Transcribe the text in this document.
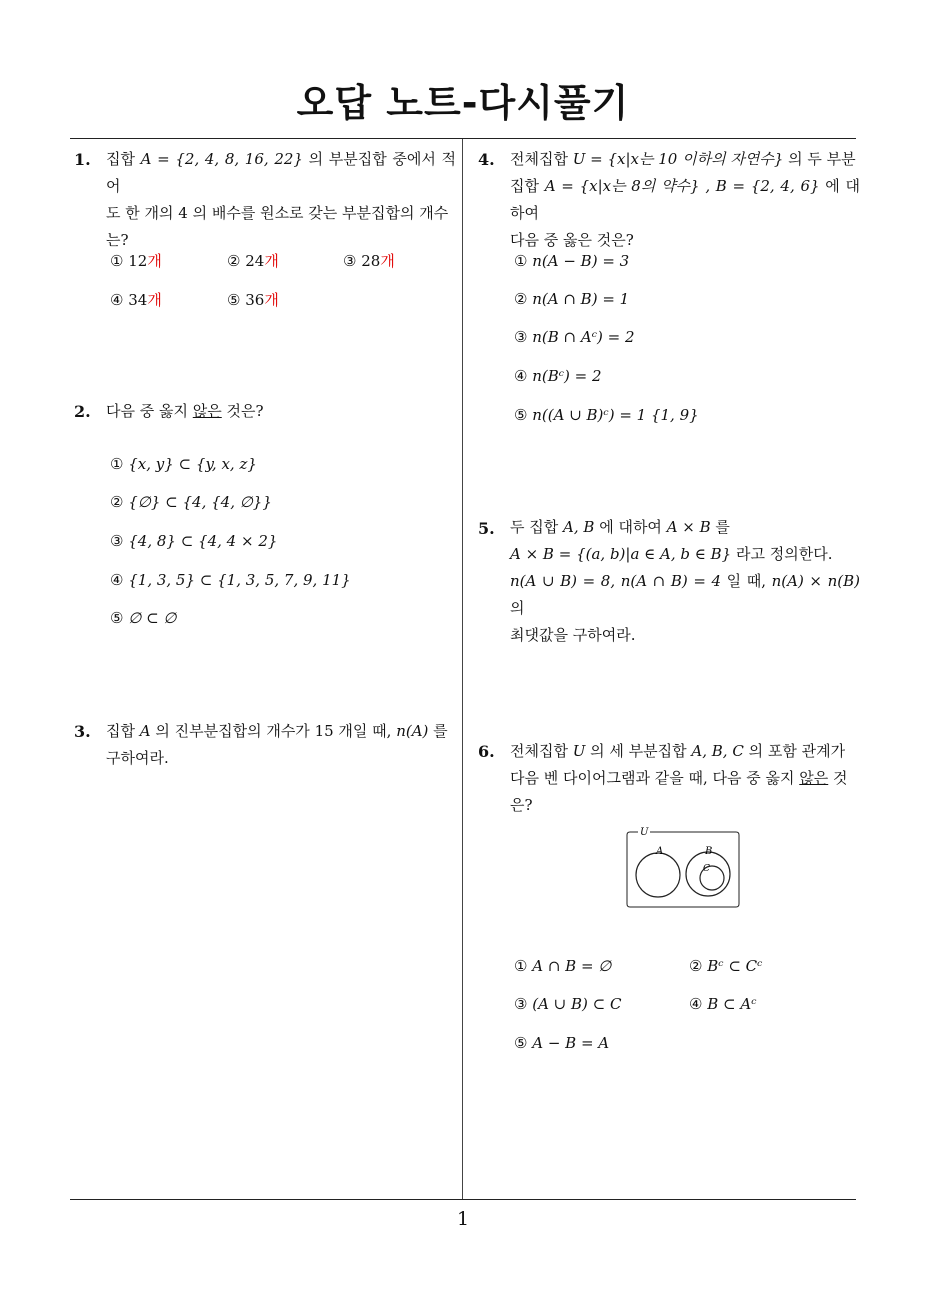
오답 노트-다시풀기
1
1. 집합 A = {2, 4, 8, 16, 22} 의 부분집합 중에서 적어
도 한 개의 4 의 배수를 원소로 갖는 부분집합의 개수
는?
① 12개	② 24개	③ 28개
④ 34개	⑤ 36개
2. 다음 중 옳지 않은 것은?
① {x, y} ⊂ {y, x, z}
② {∅} ⊂ {4, {4, ∅}}
③ {4, 8} ⊂ {4, 4 × 2}
④ {1, 3, 5} ⊂ {1, 3, 5, 7, 9, 11}
⑤ ∅ ⊂ ∅
3. 집합 A 의 진부분집합의 개수가 15 개일 때, n(A) 를
구하여라.
4. 전체집합 U = {x|x는 10 이하의 자연수} 의 두 부분
집합 A = {x|x는 8의 약수} , B = {2, 4, 6} 에 대하여
다음 중 옳은 것은?
① n(A − B) = 3
② n(A ∩ B) = 1
③ n(B ∩ Aᶜ) = 2
④ n(Bᶜ) = 2
⑤ n((A ∪ B)ᶜ) = 1 {1, 9}
5. 두 집합 A, B 에 대하여 A × B 를
A × B = {(a, b)|a ∈ A, b ∈ B} 라고 정의한다.
n(A ∪ B) = 8, n(A ∩ B) = 4 일 때, n(A) × n(B) 의
최댓값을 구하여라.
6. 전체집합 U 의 세 부분집합 A, B, C 의 포함 관계가
다음 벤 다이어그램과 같을 때, 다음 중 옳지 않은 것
은?
U
A	B
C
① A ∩ B = ∅	② Bᶜ ⊂ Cᶜ
③ (A ∪ B) ⊂ C	④ B ⊂ Aᶜ
⑤ A − B = A
